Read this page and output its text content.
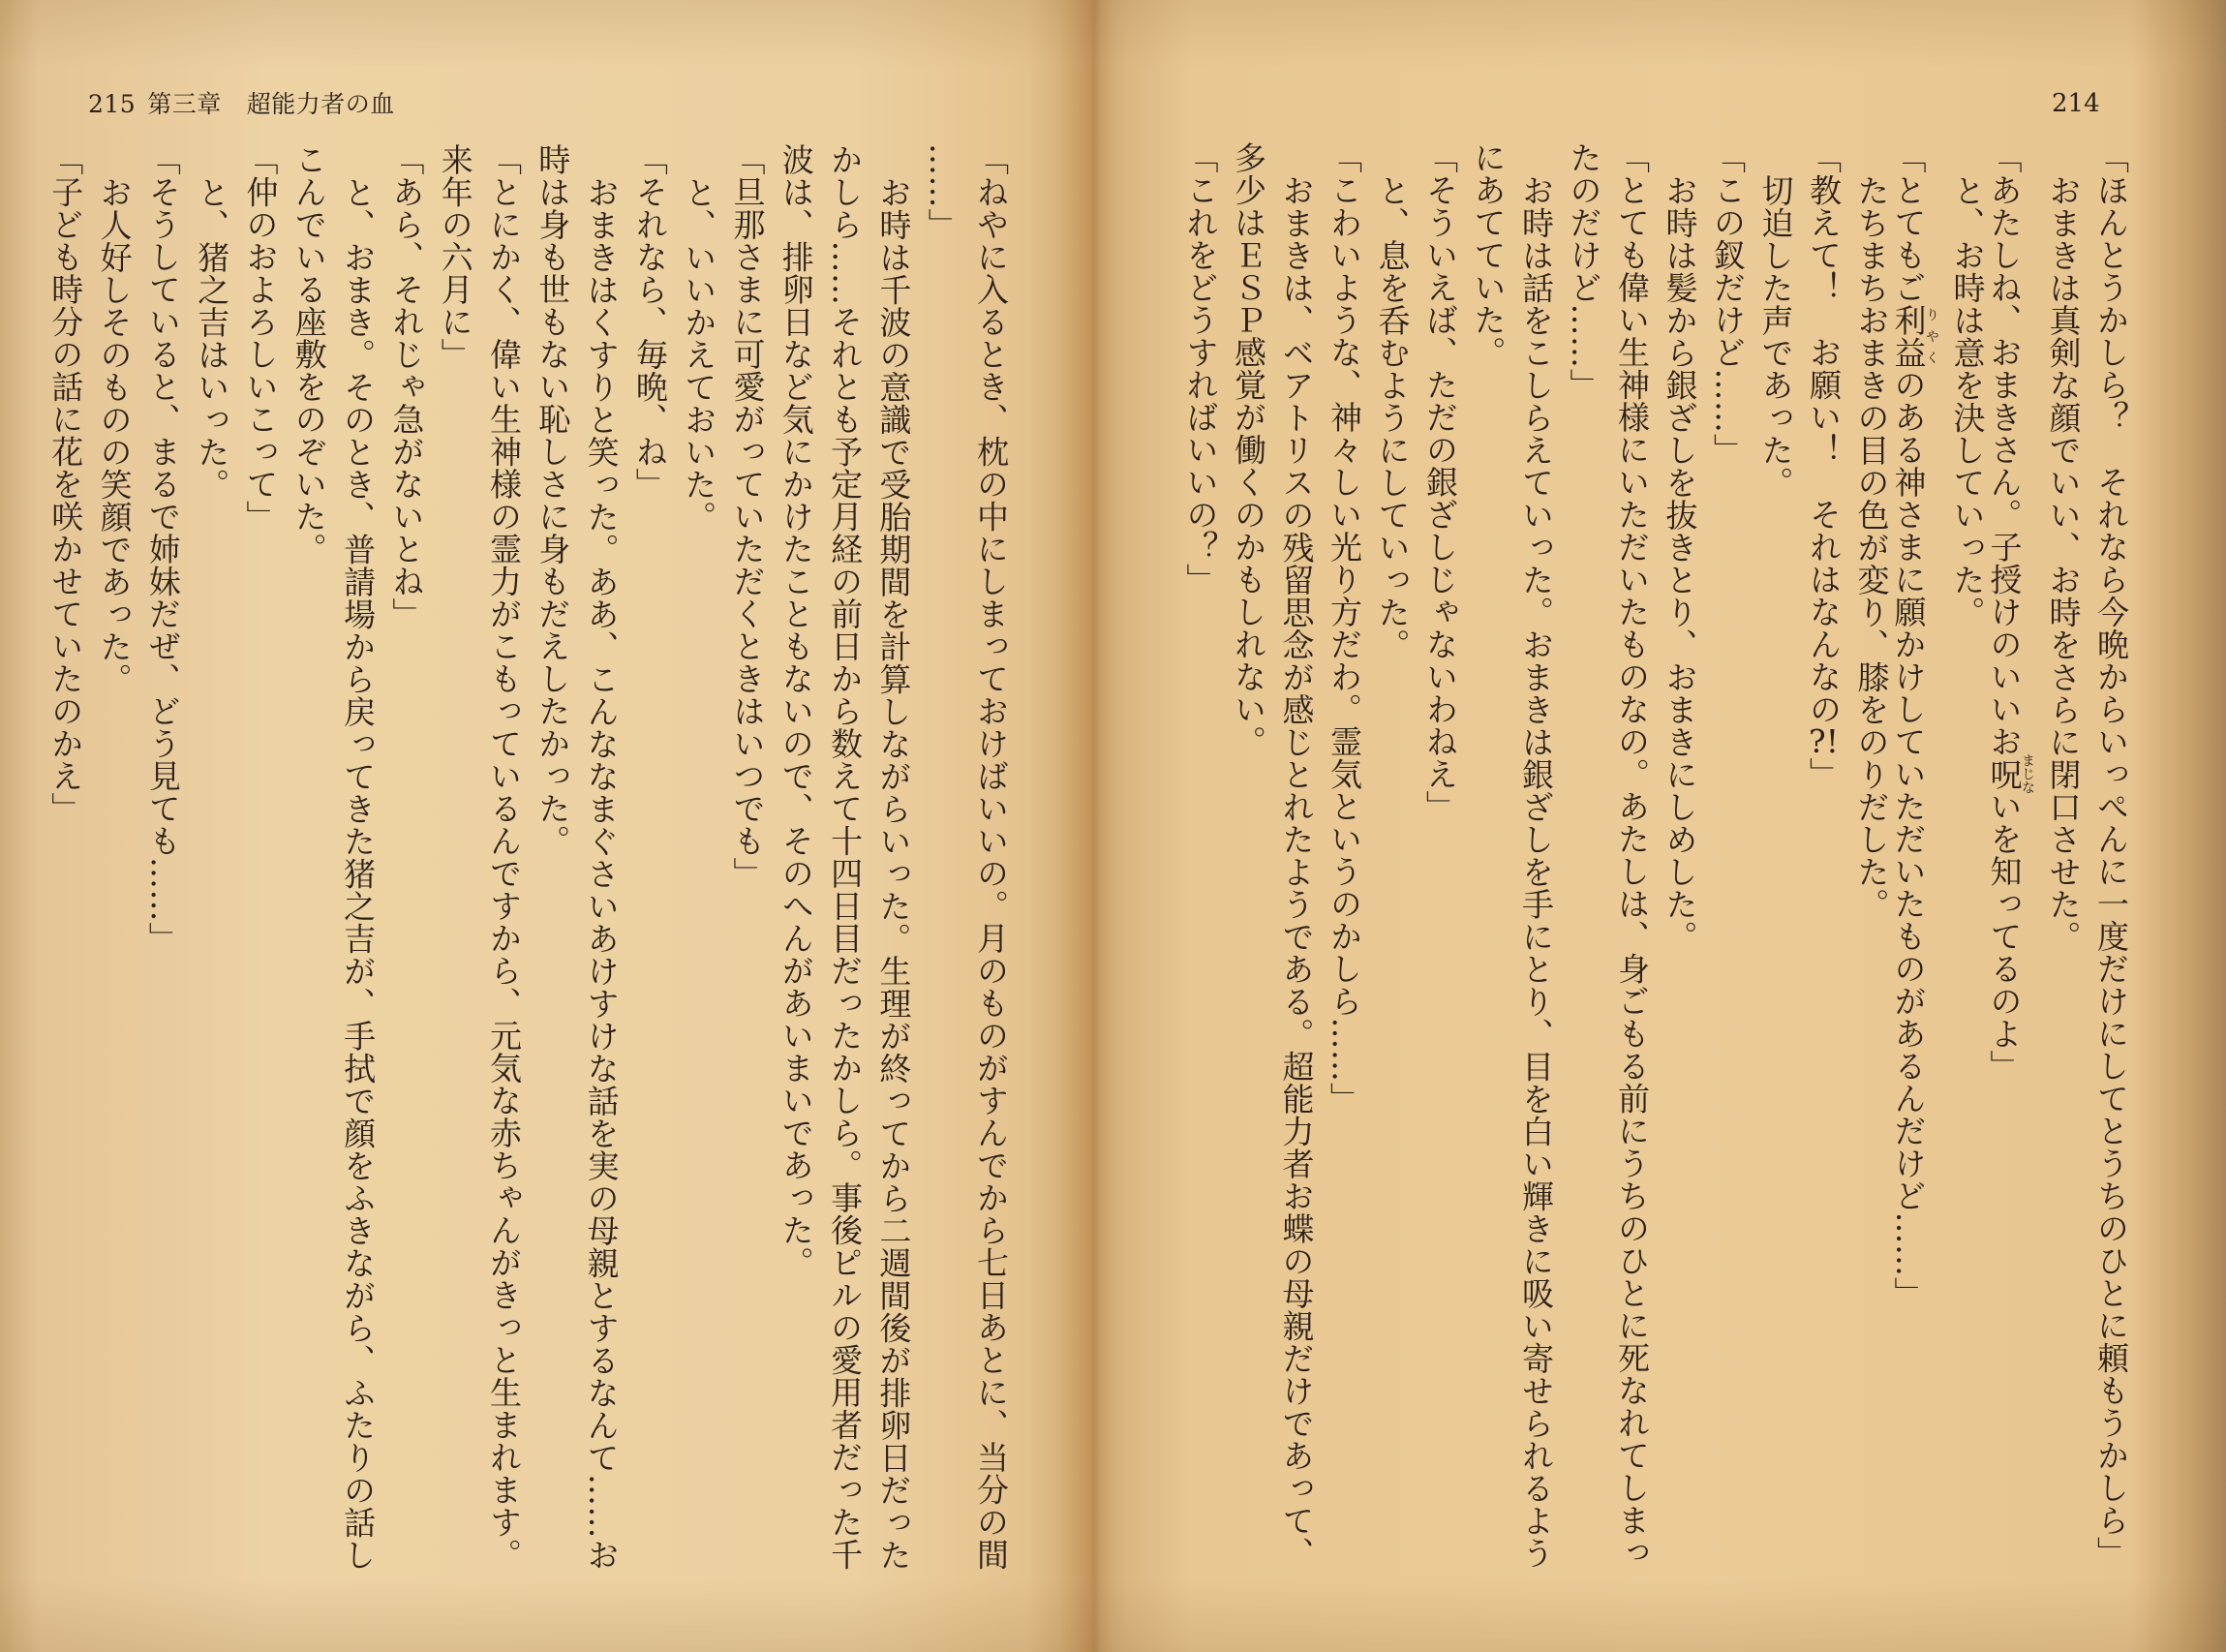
215 第三章 超能力者の血
「ねやに入るとき、枕の中にしまっておけばいいの。月のものがすんでから七日あとに、当分の間
……」
お時は千波の意識で受胎期間を計算しながらいった。生理が終ってから二週間後が排卵日だった
かしら……それとも予定月経の前日から数えて十四日目だったかしら。事後ピルの愛用者だった千
波は、排卵日など気にかけたこともないので、そのへんがあいまいであった。
「旦那さまに可愛がっていただくときはいつでも」
と、いいかえておいた。
「それなら、毎晩、ね」
おまきはくすりと笑った。ああ、こんななまぐさいあけすけな話を実の母親とするなんて……お
時は身も世もない恥しさに身もだえしたかった。
「とにかく、偉い生神様の霊力がこもっているんですから、元気な赤ちゃんがきっと生まれます。
来年の六月に」
「あら、それじゃ急がないとね」
と、おまき。そのとき、普請場から戻ってきた猪之吉が、手拭で顔をふきながら、ふたりの話し
こんでいる座敷をのぞいた。
「仲のおよろしいこって」
と、猪之吉はいった。
「そうしていると、まるで姉妹だぜ、どう見ても……」
お人好しそのものの笑顔であった。
「子ども時分の話に花を咲かせていたのかえ」
214
「ほんとうかしら？　それなら今晩からいっぺんに一度だけにしてとうちのひとに頼もうかしら」
おまきは真剣な顔でいい、お時をさらに閉口させた。
「あたしね、おまきさん。子授けのいいお呪まじないを知ってるのよ」
と、お時は意を決していった。
「とてもご利益りやくのある神さまに願かけしていただいたものがあるんだけど……」
たちまちおまきの目の色が変り、膝をのりだした。
「教えて！　お願い！　それはなんなの?!」
切迫した声であった。
「この釵だけど……」
お時は髪から銀ざしを抜きとり、おまきにしめした。
「とても偉い生神様にいただいたものなの。あたしは、身ごもる前にうちのひとに死なれてしまっ
たのだけど……」
お時は話をこしらえていった。おまきは銀ざしを手にとり、目を白い輝きに吸い寄せられるよう
にあてていた。
「そういえば、ただの銀ざしじゃないわねえ」
と、息を呑むようにしていった。
「こわいような、神々しい光り方だわ。霊気というのかしら……」
おまきは、ベアトリスの残留思念が感じとれたようである。超能力者お蝶の母親だけであって、
多少はＥＳＰ感覚が働くのかもしれない。
「これをどうすればいいの？」
